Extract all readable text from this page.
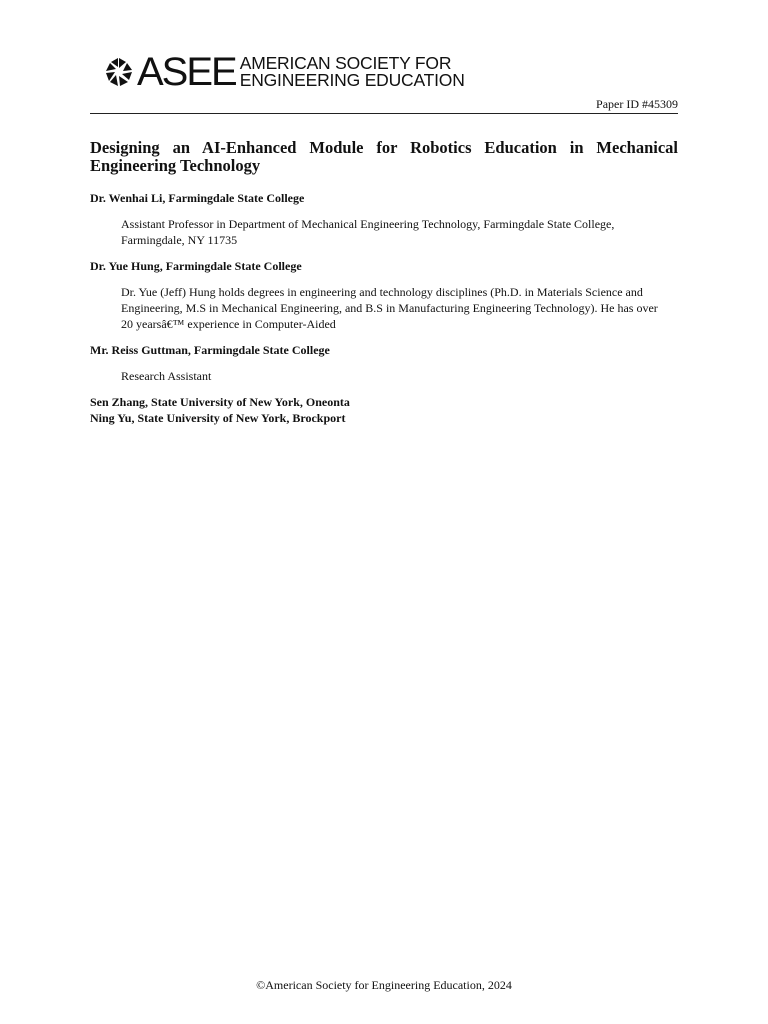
ASEE AMERICAN SOCIETY FOR
ENGINEERING EDUCATION
Paper ID #45309
Designing an AI-Enhanced Module for Robotics Education in Mechanical Engineering Technology
Dr. Wenhai Li, Farmingdale State College
Assistant Professor in Department of Mechanical Engineering Technology, Farmingdale State College, Farmingdale, NY 11735
Dr. Yue Hung, Farmingdale State College
Dr. Yue (Jeff) Hung holds degrees in engineering and technology disciplines (Ph.D. in Materials Science and Engineering, M.S in Mechanical Engineering, and B.S in Manufacturing Engineering Technology). He has over 20 yearsâ€™ experience in Computer-Aided
Mr. Reiss Guttman, Farmingdale State College
Research Assistant
Sen Zhang, State University of New York, Oneonta
Ning Yu, State University of New York, Brockport
©American Society for Engineering Education, 2024
